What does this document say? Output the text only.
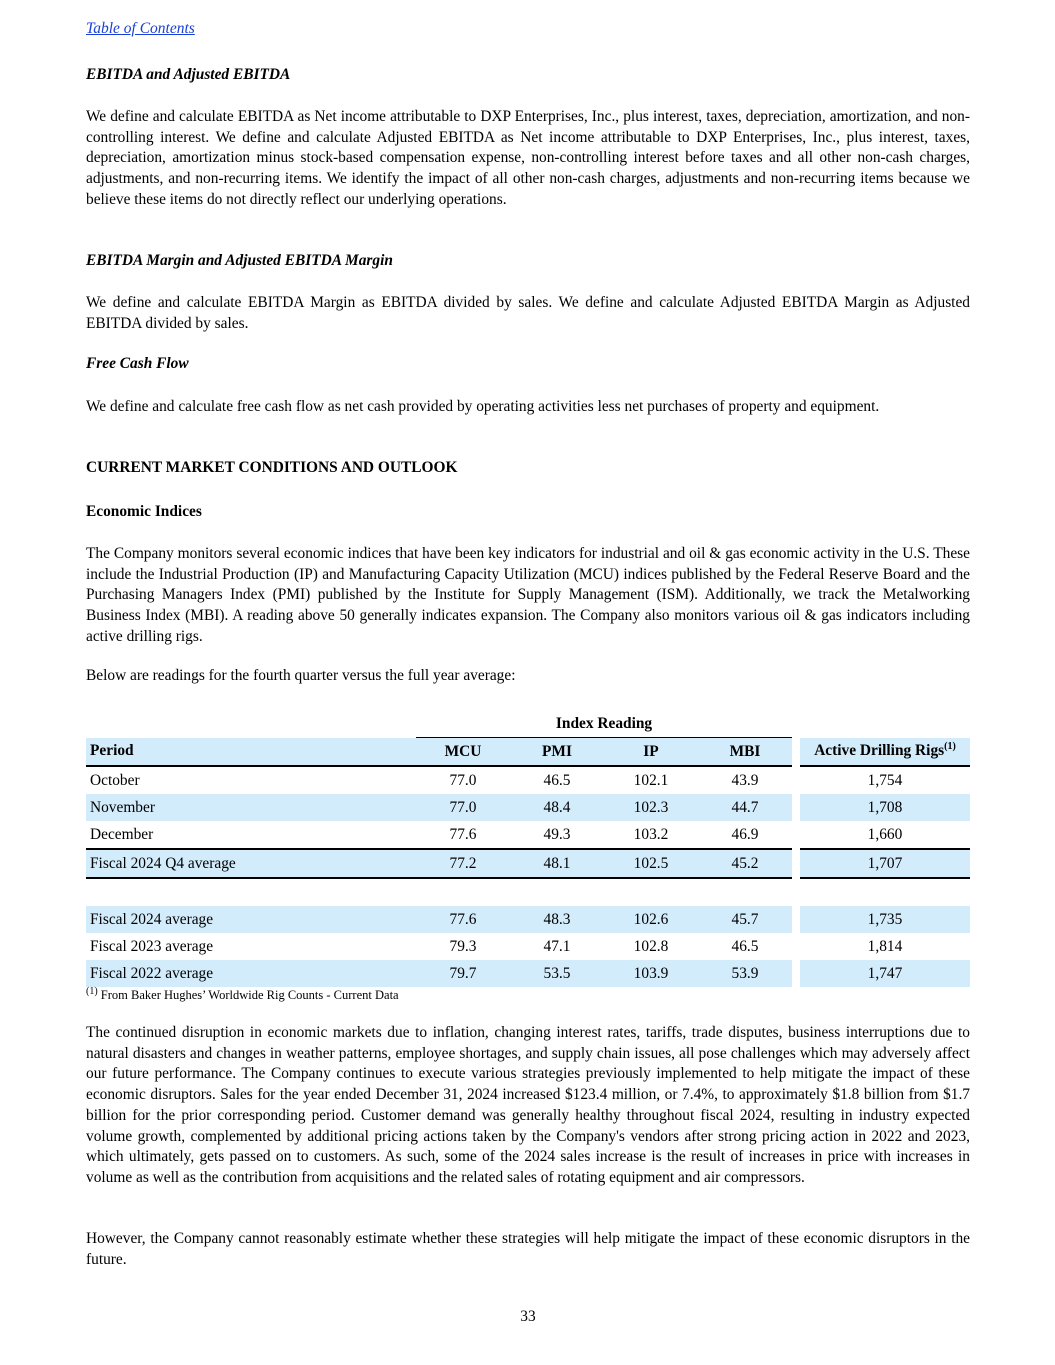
Table of Contents
EBITDA and Adjusted EBITDA
We define and calculate EBITDA as Net income attributable to DXP Enterprises, Inc., plus interest, taxes, depreciation, amortization, and non-controlling interest. We define and calculate Adjusted EBITDA as Net income attributable to DXP Enterprises, Inc., plus interest, taxes, depreciation, amortization minus stock-based compensation expense, non-controlling interest before taxes and all other non-cash charges, adjustments, and non-recurring items. We identify the impact of all other non-cash charges, adjustments and non-recurring items because we believe these items do not directly reflect our underlying operations.
EBITDA Margin and Adjusted EBITDA Margin
We define and calculate EBITDA Margin as EBITDA divided by sales. We define and calculate Adjusted EBITDA Margin as Adjusted EBITDA divided by sales.
Free Cash Flow
We define and calculate free cash flow as net cash provided by operating activities less net purchases of property and equipment.
CURRENT MARKET CONDITIONS AND OUTLOOK
Economic Indices
The Company monitors several economic indices that have been key indicators for industrial and oil & gas economic activity in the U.S. These include the Industrial Production (IP) and Manufacturing Capacity Utilization (MCU) indices published by the Federal Reserve Board and the Purchasing Managers Index (PMI) published by the Institute for Supply Management (ISM). Additionally, we track the Metalworking Business Index (MBI). A reading above 50 generally indicates expansion. The Company also monitors various oil & gas indicators including active drilling rigs.
Below are readings for the fourth quarter versus the full year average:
	Index Reading					
Period	MCU	PMI	IP	MBI		Active Drilling Rigs$^{(1)}$
October	77.0	46.5	102.1	43.9		1,754
November	77.0	48.4	102.3	44.7		1,708
December	77.6	49.3	103.2	46.9		1,660
Fiscal 2024 Q4 average	77.2	48.1	102.5	45.2		1,707

Fiscal 2024 average	77.6	48.3	102.6	45.7		1,735
Fiscal 2023 average	79.3	47.1	102.8	46.5		1,814
Fiscal 2022 average	79.7	53.5	103.9	53.9		1,747
$^{(1)}$ From Baker Hughes’ Worldwide Rig Counts - Current Data
The continued disruption in economic markets due to inflation, changing interest rates, tariffs, trade disputes, business interruptions due to natural disasters and changes in weather patterns, employee shortages, and supply chain issues, all pose challenges which may adversely affect our future performance. The Company continues to execute various strategies previously implemented to help mitigate the impact of these economic disruptors. Sales for the year ended December 31, 2024 increased $123.4 million, or 7.4%, to approximately $1.8 billion from $1.7 billion for the prior corresponding period. Customer demand was generally healthy throughout fiscal 2024, resulting in industry expected volume growth, complemented by additional pricing actions taken by the Company's vendors after strong pricing action in 2022 and 2023, which ultimately, gets passed on to customers. As such, some of the 2024 sales increase is the result of increases in price with increases in volume as well as the contribution from acquisitions and the related sales of rotating equipment and air compressors.
However, the Company cannot reasonably estimate whether these strategies will help mitigate the impact of these economic disruptors in the future.
33
